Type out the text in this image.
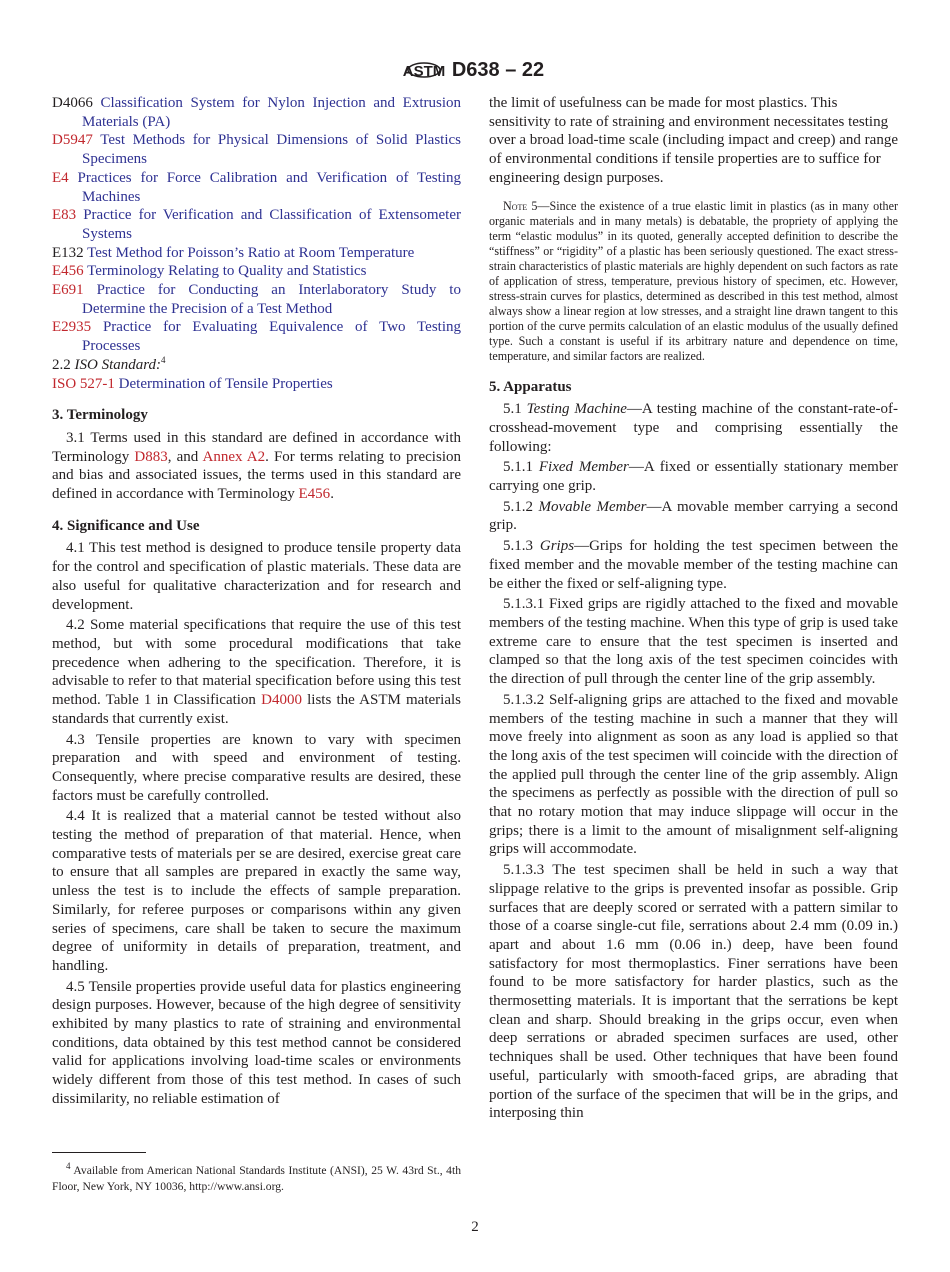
ASTM D638 – 22
D4066 Classification System for Nylon Injection and Extrusion Materials (PA)
D5947 Test Methods for Physical Dimensions of Solid Plastics Specimens
E4 Practices for Force Calibration and Verification of Testing Machines
E83 Practice for Verification and Classification of Extensometer Systems
E132 Test Method for Poisson’s Ratio at Room Temperature
E456 Terminology Relating to Quality and Statistics
E691 Practice for Conducting an Interlaboratory Study to Determine the Precision of a Test Method
E2935 Practice for Evaluating Equivalence of Two Testing Processes
2.2 ISO Standard:$^4$
ISO 527-1 Determination of Tensile Properties
3. Terminology
3.1 Terms used in this standard are defined in accordance with Terminology D883, and Annex A2. For terms relating to precision and bias and associated issues, the terms used in this standard are defined in accordance with Terminology E456.
4. Significance and Use
4.1 This test method is designed to produce tensile property data for the control and specification of plastic materials. These data are also useful for qualitative characterization and for research and development.
4.2 Some material specifications that require the use of this test method, but with some procedural modifications that take precedence when adhering to the specification. Therefore, it is advisable to refer to that material specification before using this test method. Table 1 in Classification D4000 lists the ASTM materials standards that currently exist.
4.3 Tensile properties are known to vary with specimen preparation and with speed and environment of testing. Consequently, where precise comparative results are desired, these factors must be carefully controlled.
4.4 It is realized that a material cannot be tested without also testing the method of preparation of that material. Hence, when comparative tests of materials per se are desired, exercise great care to ensure that all samples are prepared in exactly the same way, unless the test is to include the effects of sample preparation. Similarly, for referee purposes or comparisons within any given series of specimens, care shall be taken to secure the maximum degree of uniformity in details of preparation, treatment, and handling.
4.5 Tensile properties provide useful data for plastics engineering design purposes. However, because of the high degree of sensitivity exhibited by many plastics to rate of straining and environmental conditions, data obtained by this test method cannot be considered valid for applications involving load-time scales or environments widely different from those of this test method. In cases of such dissimilarity, no reliable estimation of
the limit of usefulness can be made for most plastics. This sensitivity to rate of straining and environment necessitates testing over a broad load-time scale (including impact and creep) and range of environmental conditions if tensile properties are to suffice for engineering design purposes.
Note 5—Since the existence of a true elastic limit in plastics (as in many other organic materials and in many metals) is debatable, the propriety of applying the term “elastic modulus” in its quoted, generally accepted definition to describe the “stiffness” or “rigidity” of a plastic has been seriously questioned. The exact stress-strain characteristics of plastic materials are highly dependent on such factors as rate of application of stress, temperature, previous history of specimen, etc. However, stress-strain curves for plastics, determined as described in this test method, almost always show a linear region at low stresses, and a straight line drawn tangent to this portion of the curve permits calculation of an elastic modulus of the usually defined type. Such a constant is useful if its arbitrary nature and dependence on time, temperature, and similar factors are realized.
5. Apparatus
5.1 Testing Machine—A testing machine of the constant-rate-of-crosshead-movement type and comprising essentially the following:
5.1.1 Fixed Member—A fixed or essentially stationary member carrying one grip.
5.1.2 Movable Member—A movable member carrying a second grip.
5.1.3 Grips—Grips for holding the test specimen between the fixed member and the movable member of the testing machine can be either the fixed or self-aligning type.
5.1.3.1 Fixed grips are rigidly attached to the fixed and movable members of the testing machine. When this type of grip is used take extreme care to ensure that the test specimen is inserted and clamped so that the long axis of the test specimen coincides with the direction of pull through the center line of the grip assembly.
5.1.3.2 Self-aligning grips are attached to the fixed and movable members of the testing machine in such a manner that they will move freely into alignment as soon as any load is applied so that the long axis of the test specimen will coincide with the direction of the applied pull through the center line of the grip assembly. Align the specimens as perfectly as possible with the direction of pull so that no rotary motion that may induce slippage will occur in the grips; there is a limit to the amount of misalignment self-aligning grips will accommodate.
5.1.3.3 The test specimen shall be held in such a way that slippage relative to the grips is prevented insofar as possible. Grip surfaces that are deeply scored or serrated with a pattern similar to those of a coarse single-cut file, serrations about 2.4 mm (0.09 in.) apart and about 1.6 mm (0.06 in.) deep, have been found satisfactory for most thermoplastics. Finer serrations have been found to be more satisfactory for harder plastics, such as the thermosetting materials. It is important that the serrations be kept clean and sharp. Should breaking in the grips occur, even when deep serrations or abraded specimen surfaces are used, other techniques shall be used. Other techniques that have been found useful, particularly with smooth-faced grips, are abrading that portion of the surface of the specimen that will be in the grips, and interposing thin
$^4$ Available from American National Standards Institute (ANSI), 25 W. 43rd St., 4th Floor, New York, NY 10036, http://www.ansi.org.
2
